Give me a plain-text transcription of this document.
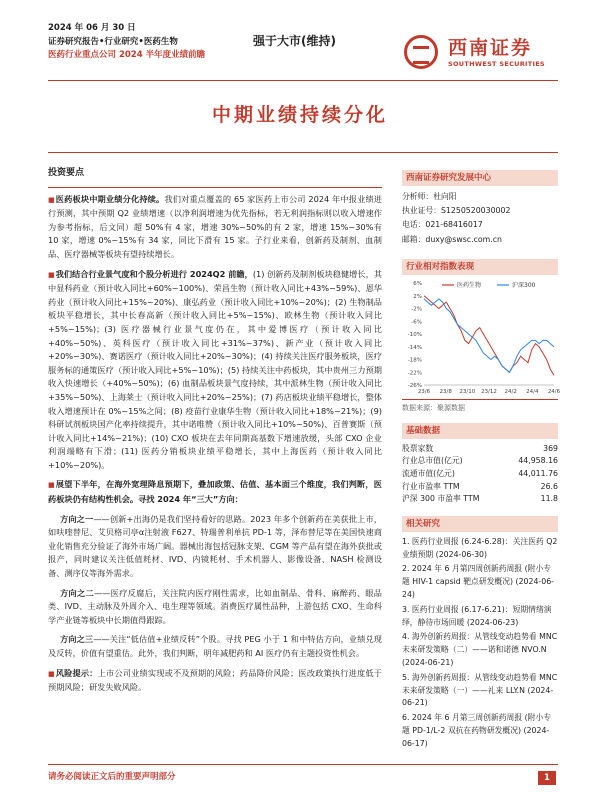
2024 年 06 月 30 日
证券研究报告•行业研究•医药生物
医药行业重点公司 2024 半年度业绩前瞻
强于大市(维持)	西南证券
SOUTHWEST SECURITIES
中期业绩持续分化
投资要点

■医药板块中期业绩分化持续。我们对重点覆盖的 65 家医药上市公司 2024 年中报业绩进行预测，其中预期 Q2 业绩增速（以净利润增速为优先指标，若无利润指标则以收入增速作为参考指标，后文同）超 50%有 4 家，增速 30%~50%的有 2 家，增速 15%~30%有 10 家，增速 0%~15%有 34 家，同比下滑有 15 家。子行业来看，创新药及制剂、血制品、医疗器械等板块有望持续增长。

■我们结合行业景气度和个股分析进行 2024Q2 前瞻，(1) 创新药及制剂板块稳健增长，其中显科药业（预计收入同比+60%~100%)、荣昌生物（预计收入同比+43%~59%)、恩华药业（预计收入同比+15%~20%)、康弘药业（预计收入同比+10%~20%)；(2) 生物制品板块平稳增长，其中长春高新（预计收入同比+5%~15%)、欧林生物（预计收入同比+5%~15%)；(3) 医疗器械行业景气度仍在，其中爱博医疗（预计收入同比+40%~50%)、英科医疗（预计收入同比+31%~37%)、新产业（预计收入同比+20%~30%)、赛诺医疗（预计收入同比+20%~30%)；(4) 持续关注医疗服务板块，医疗服务标的通策医疗（预计收入同比+5%~10%)；(5) 持续关注中药板块，其中贵州三力预期收入快速增长（+40%~50%)；(6) 血制品板块景气度持续，其中派林生物（预计收入同比+35%~50%)、上海莱士（预计收入同比+20%~25%)；(7) 药店板块业绩平稳增长，整体收入增速预计在 0%~15%之间；(8) 疫苗行业康华生物（预计收入同比+18%~21%)；(9) 科研试剂板块国产化率持续提升，其中诺唯赞（预计收入同比+10%~50%)、百普赛斯（预计收入同比+14%~21%)；(10) CXO 板块在去年同期高基数下增速放缓，头部 CXO 企业利润端略有下滑；(11) 医药分销板块业绩平稳增长，其中上海医药（预计收入同比+10%~20%)。

■展望下半年，在海外宽理降息预期下，叠加政策、估值、基本面三个维度，我们判断，医药板块仍有结构性机会。寻找 2024 年“三大”方向：

方向之一——创新+出海仍是我们坚持看好的思路。2023 年多个创新药在美获批上市，如呋喹替尼、艾贝格司亭α注射液 F627、特瑞普利单抗 PD-1 等，泽布替尼等在美国快速商业化销售充分验证了海外市场广阔。器械出海包括冠脉支架、CGM 等产品有望在海外获批或报产，同时建议关注低值耗材、IVD、内镜耗材、手术机器人、影像设备、NASH 检测设备、测序仪等海外需求。

方向之二——医疗反腐后，关注院内医疗刚性需求，比如血制品、骨科、麻醉药、眼品类、IVD、主动脉及外周介入、电生理等领域。消费医疗属性品种，上游包括 CXO、生命科学产业链等板块中长期值得跟踪。

方向之三——关注“低估值+业绩反转”个股。寻找 PEG 小于 1 和中特估方向，业绩兑现及反转，价值有望重估。此外，我们判断，明年减肥药和 AI 医疗仍有主题投资性机会。

■风险提示：上市公司业绩实现或不及预期的风险；药品降价风险；医改政策执行进度低于预期风险；研发失败风险。

西南证券研究发展中心
分析师：杜向阳
执业证号：S1250520030002
电话：021-68416017
邮箱：duxy@swsc.com.cn
行业相对指数表现
6%
2%
-2%
-6%
-10%
-14%
-18%
-22%
-26%
23/6 23/8 23/10 23/12 24/2 24/4 24/6
医药生物	沪深300
数据来源：聚源数据
基础数据
股票家数	369
行业总市值(亿元)	44,958.16
流通市值(亿元)	44,011.76
行业市盈率 TTM	26.6
沪深 300 市盈率 TTM	11.8
相关研究
1. 医药行业周报 (6.24-6.28)：关注医药 Q2 业绩预期 (2024-06-30)
2. 2024 年 6 月第四周创新药周报 (附小专题 HIV-1 capsid 靶点研发概况) (2024-06-24)
3. 医药行业周报 (6.17-6.21)：短期情绪演绎，静待市场回暖 (2024-06-23)
4. 海外创新药周报：从管线变动趋势看 MNC 未来研发策略（二）——诺和诺德 NVO.N (2024-06-21)
5. 海外创新药周报：从管线变动趋势看 MNC 未来研发策略（一）——礼来 LLY.N (2024-06-21)
6. 2024 年 6 月第三周创新药周报 (附小专题 PD-1/L-2 双抗在药物研发概况) (2024-06-17)
请务必阅读正文后的重要声明部分	1
